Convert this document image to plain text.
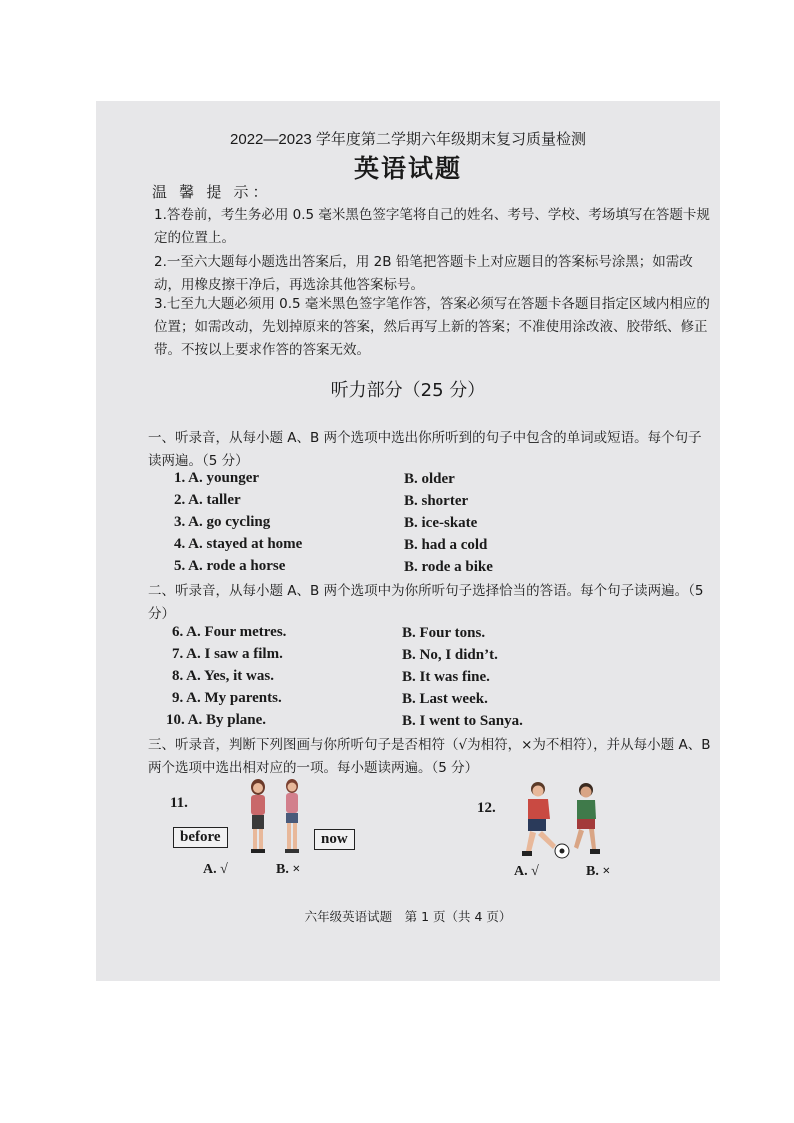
2022—2023 学年度第二学期六年级期末复习质量检测
英语试题
温 馨 提 示：
1.答卷前，考生务必用 0.5 毫米黑色签字笔将自己的姓名、考号、学校、考场填写在答题卡规定的位置上。
2.一至六大题每小题选出答案后，用 2B 铅笔把答题卡上对应题目的答案标号涂黑；如需改动，用橡皮擦干净后，再选涂其他答案标号。
3.七至九大题必须用 0.5 毫米黑色签字笔作答，答案必须写在答题卡各题目指定区域内相应的位置；如需改动，先划掉原来的答案，然后再写上新的答案；不准使用涂改液、胶带纸、修正带。不按以上要求作答的答案无效。
听力部分（25 分）
一、听录音，从每小题 A、B 两个选项中选出你所听到的句子中包含的单词或短语。每个句子读两遍。（5 分）
1. A. younger	B. older
2. A. taller	B. shorter
3. A. go cycling	B. ice-skate
4. A. stayed at home	B. had a cold
5. A. rode a horse	B. rode a bike
二、听录音，从每小题 A、B 两个选项中为你所听句子选择恰当的答语。每个句子读两遍。（5 分）
6. A. Four metres.	B. Four tons.
7. A. I saw a film.	B. No, I didn’t.
8. A. Yes, it was.	B. It was fine.
9. A. My parents.	B. Last week.
10. A. By plane.	B. I went to Sanya.
三、听录音，判断下列图画与你所听句子是否相符（√为相符，×为不相符），并从每小题 A、B 两个选项中选出相对应的一项。每小题读两遍。（5 分）
11.
before	now
A. √	B. ×
12.
A. √	B. ×
六年级英语试题　第 1 页（共 4 页）
